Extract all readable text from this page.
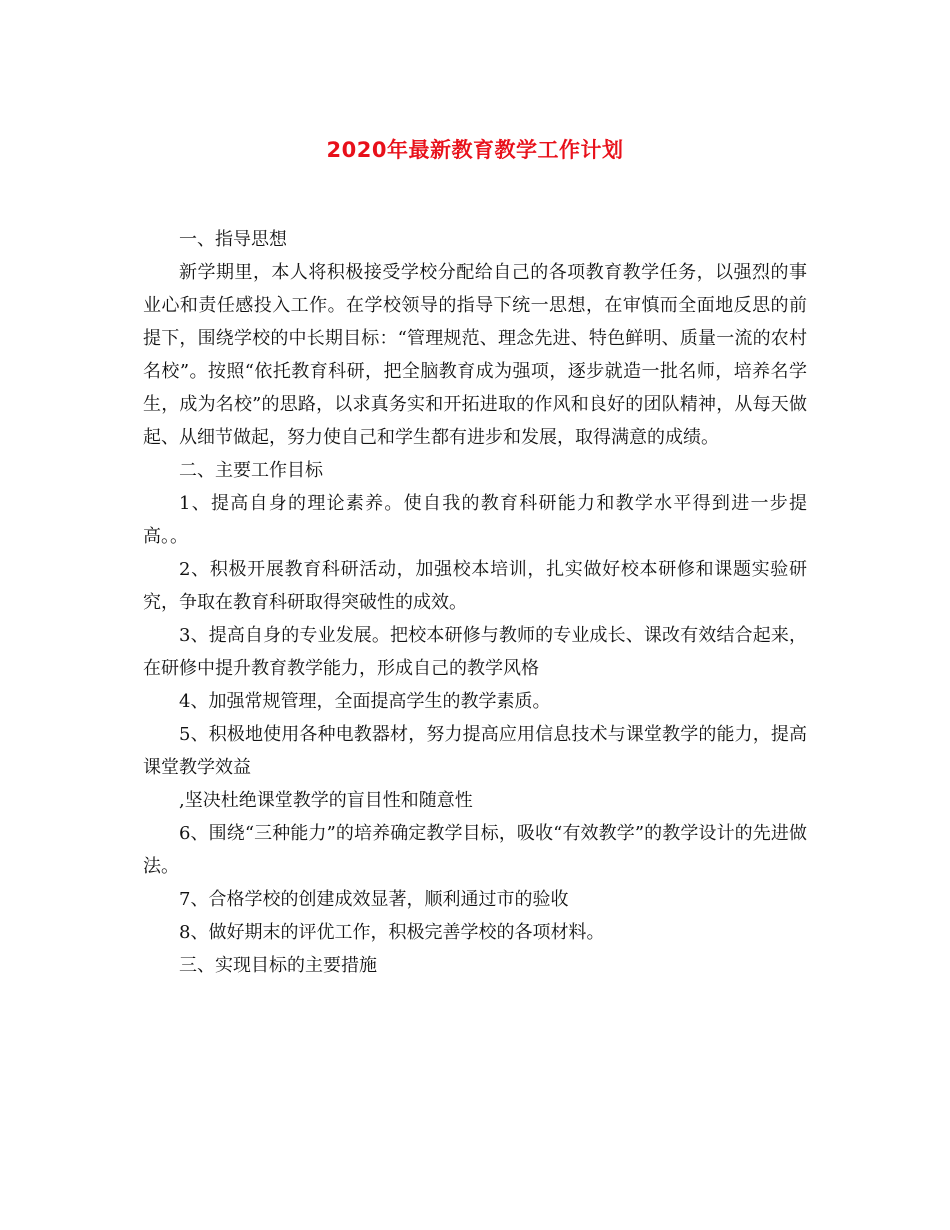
2020年最新教育教学工作计划

一、指导思想

新学期里，本人将积极接受学校分配给自己的各项教育教学任务，以强烈的事业心和责任感投入工作。在学校领导的指导下统一思想，在审慎而全面地反思的前提下，围绕学校的中长期目标：“管理规范、理念先进、特色鲜明、质量一流的农村名校”。按照“依托教育科研，把全脑教育成为强项，逐步就造一批名师，培养名学生，成为名校”的思路，以求真务实和开拓进取的作风和良好的团队精神，从每天做起、从细节做起，努力使自己和学生都有进步和发展，取得满意的成绩。

二、主要工作目标

1、提高自身的理论素养。使自我的教育科研能力和教学水平得到进一步提高。。

2、积极开展教育科研活动，加强校本培训，扎实做好校本研修和课题实验研究，争取在教育科研取得突破性的成效。

3、提高自身的专业发展。把校本研修与教师的专业成长、课改有效结合起来，在研修中提升教育教学能力，形成自己的教学风格

4、加强常规管理，全面提高学生的教学素质。

5、积极地使用各种电教器材，努力提高应用信息技术与课堂教学的能力，提高课堂教学效益

,坚决杜绝课堂教学的盲目性和随意性

6、围绕“三种能力”的培养确定教学目标，吸收“有效教学”的教学设计的先进做法。

7、合格学校的创建成效显著，顺利通过市的验收

8、做好期末的评优工作，积极完善学校的各项材料。

三、实现目标的主要措施
